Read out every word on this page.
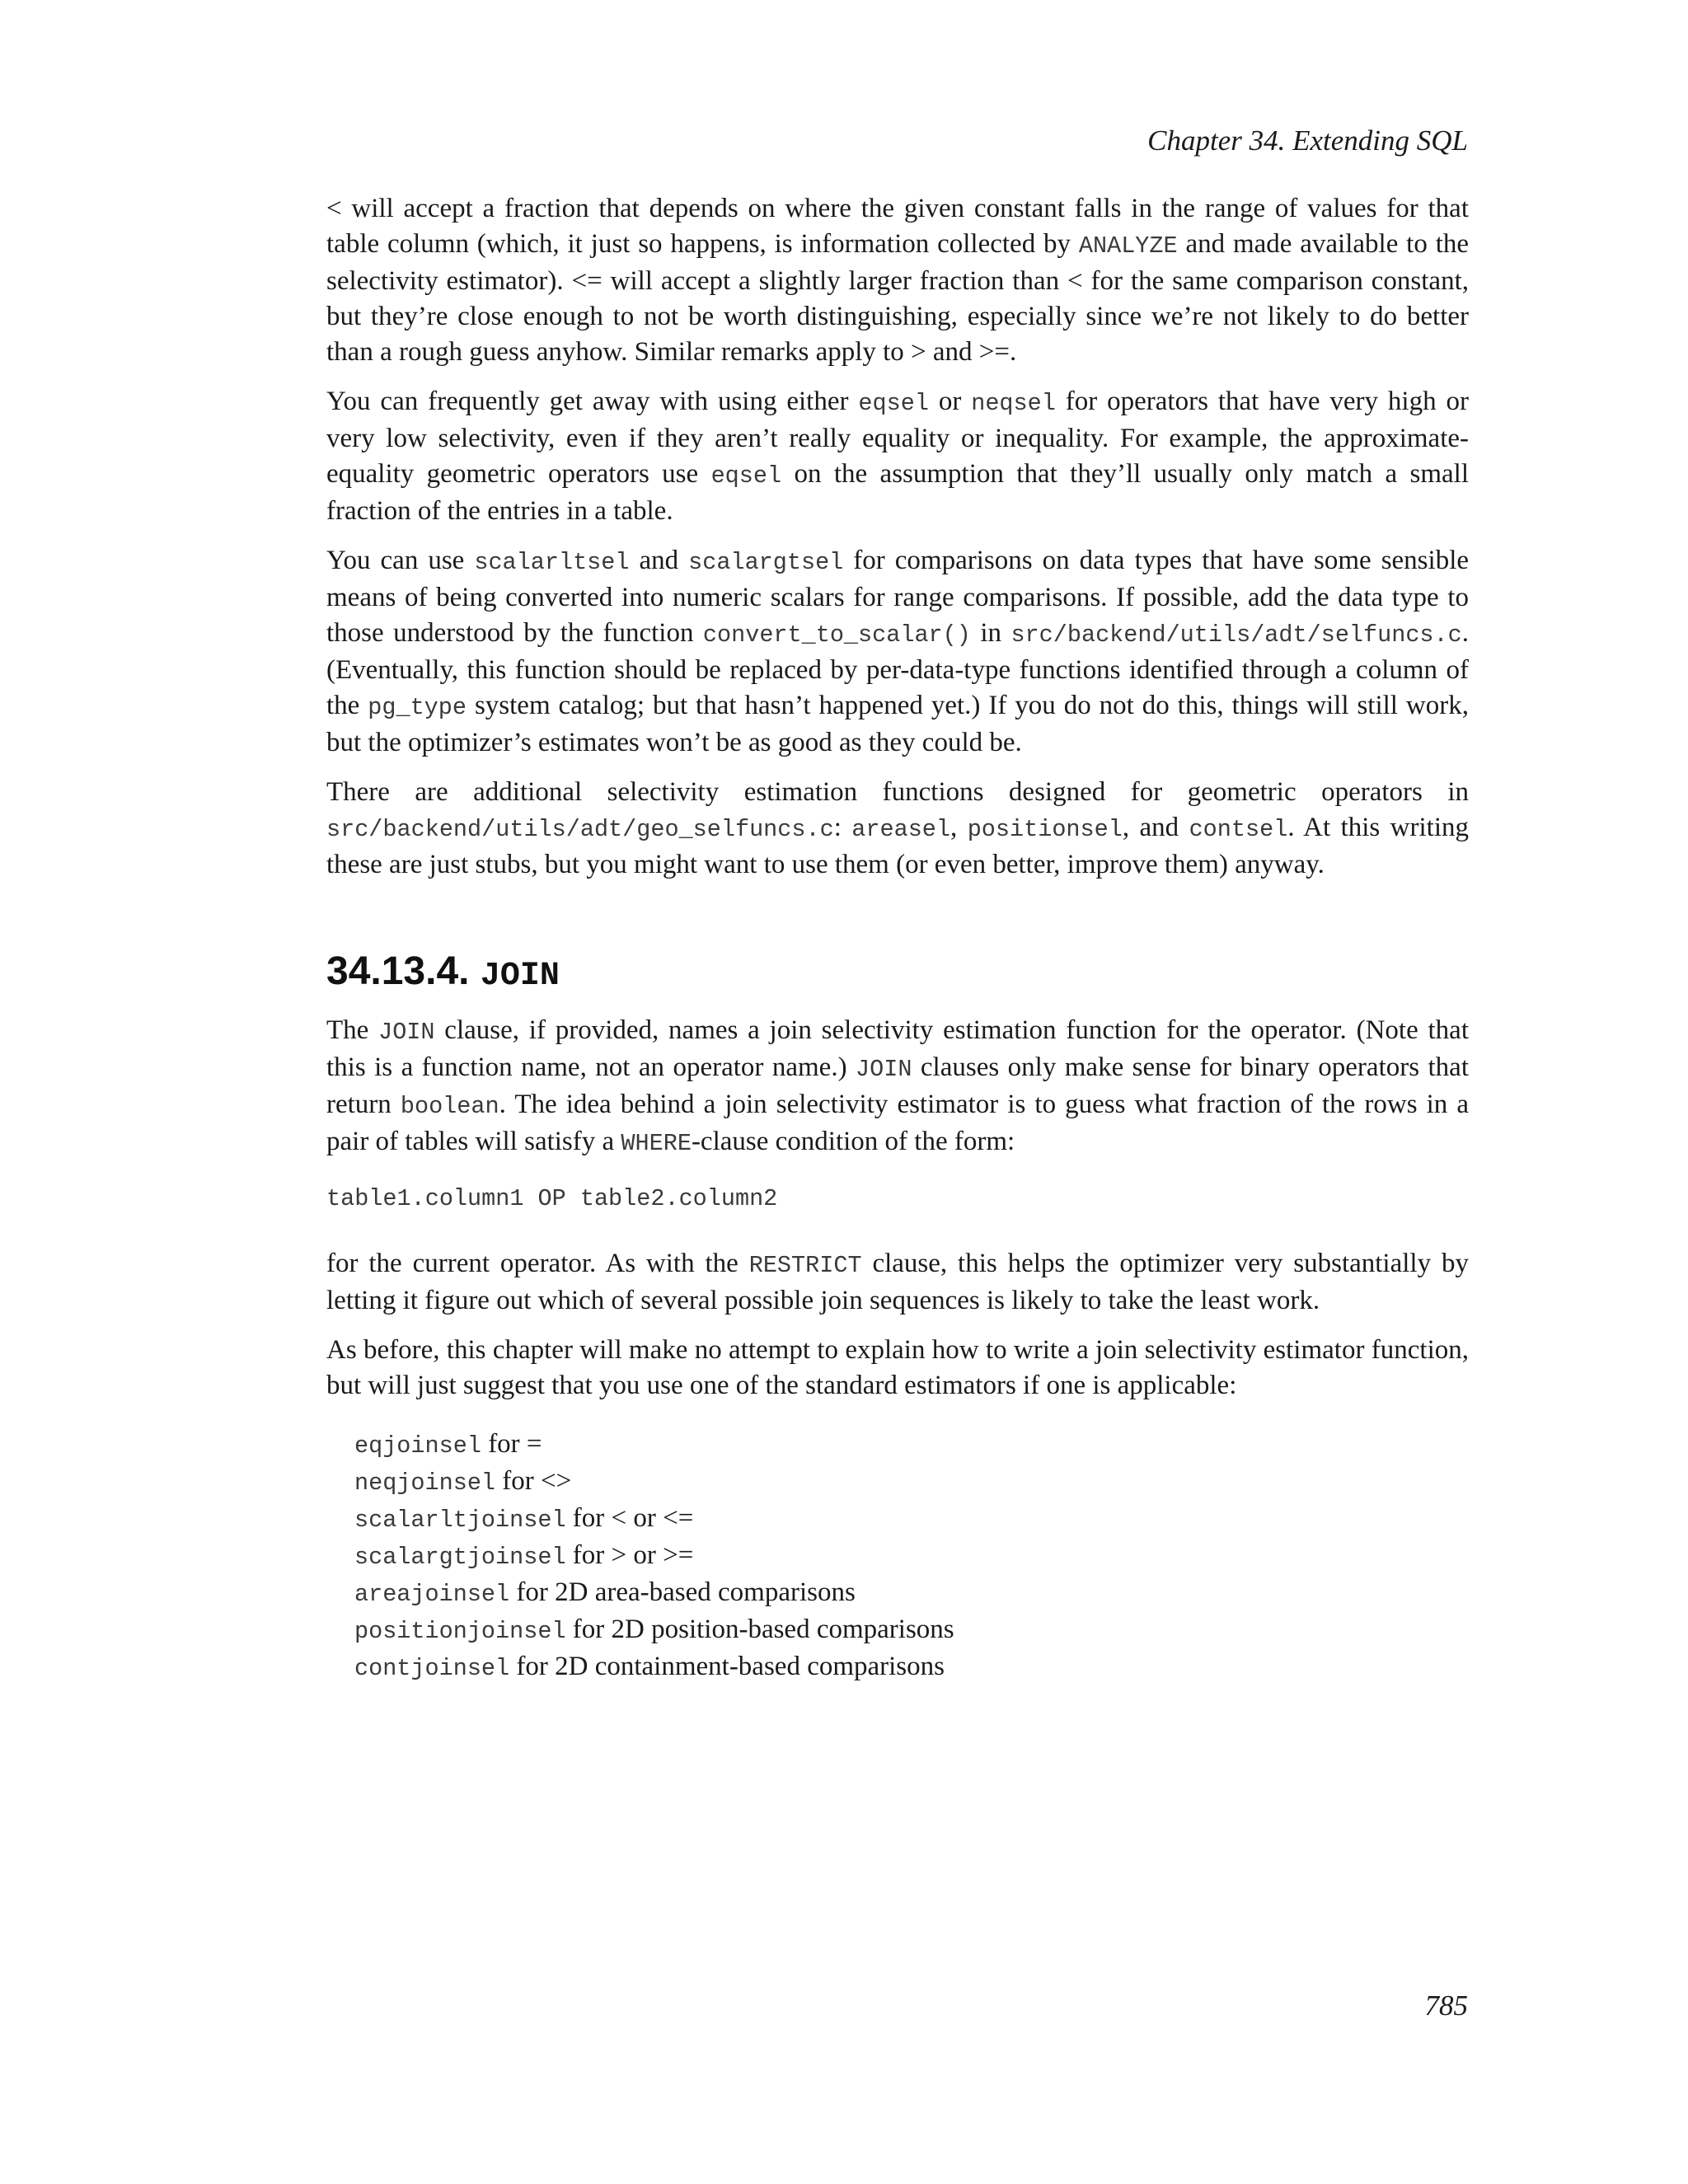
Chapter 34. Extending SQL

< will accept a fraction that depends on where the given constant falls in the range of values for that table column (which, it just so happens, is information collected by ANALYZE and made available to the selectivity estimator). <= will accept a slightly larger fraction than < for the same comparison constant, but they’re close enough to not be worth distinguishing, especially since we’re not likely to do better than a rough guess anyhow. Similar remarks apply to > and >=.

You can frequently get away with using either eqsel or neqsel for operators that have very high or very low selectivity, even if they aren’t really equality or inequality. For example, the approximate-equality geometric operators use eqsel on the assumption that they’ll usually only match a small fraction of the entries in a table.

You can use scalarltsel and scalargtsel for comparisons on data types that have some sensible means of being converted into numeric scalars for range comparisons. If possible, add the data type to those understood by the function convert_to_scalar() in src/backend/utils/adt/selfuncs.c. (Eventually, this function should be replaced by per-data-type functions identified through a column of the pg_type system catalog; but that hasn’t happened yet.) If you do not do this, things will still work, but the optimizer’s estimates won’t be as good as they could be.

There are additional selectivity estimation functions designed for geometric operators in src/backend/utils/adt/geo_selfuncs.c: areasel, positionsel, and contsel. At this writing these are just stubs, but you might want to use them (or even better, improve them) anyway.

34.13.4. JOIN

The JOIN clause, if provided, names a join selectivity estimation function for the operator. (Note that this is a function name, not an operator name.) JOIN clauses only make sense for binary operators that return boolean. The idea behind a join selectivity estimator is to guess what fraction of the rows in a pair of tables will satisfy a WHERE-clause condition of the form:

table1.column1 OP table2.column2

for the current operator. As with the RESTRICT clause, this helps the optimizer very substantially by letting it figure out which of several possible join sequences is likely to take the least work.

As before, this chapter will make no attempt to explain how to write a join selectivity estimator function, but will just suggest that you use one of the standard estimators if one is applicable:

eqjoinsel for =
neqjoinsel for <>
scalarltjoinsel for < or <=
scalargtjoinsel for > or >=
areajoinsel for 2D area-based comparisons
positionjoinsel for 2D position-based comparisons
contjoinsel for 2D containment-based comparisons
785
